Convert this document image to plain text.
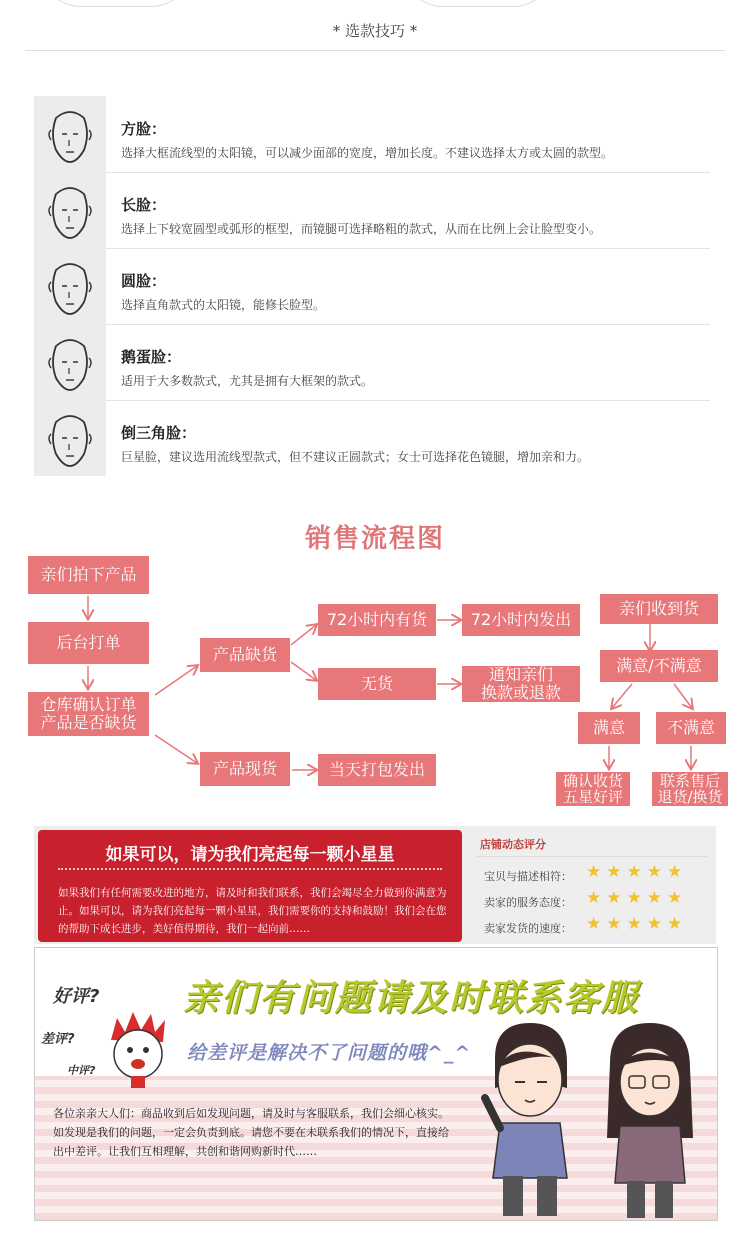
* 选款技巧 *
方脸：
选择大框流线型的太阳镜，可以减少面部的宽度，增加长度。不建议选择太方或太圆的款型。
长脸：
选择上下较宽圆型或弧形的框型，而镜腿可选择略粗的款式，从而在比例上会让脸型变小。
圆脸：
选择直角款式的太阳镜，能修长脸型。
鹅蛋脸：
适用于大多数款式，尤其是拥有大框架的款式。
倒三角脸：
巨星脸，建议选用流线型款式，但不建议正圆款式；女士可选择花色镜腿，增加亲和力。
销售流程图
亲们拍下产品
后台打单
仓库确认订单
产品是否缺货
产品缺货
产品现货
72小时内有货	72小时内发出
无货	通知亲们
换款或退款
当天打包发出
亲们收到货
满意/不满意
满意	不满意
确认收货
五星好评
联系售后
退货/换货
如果可以，请为我们亮起每一颗小星星
如果我们有任何需要改进的地方，请及时和我们联系，我们会竭尽全力做到你满意为止。如果可以，请为我们亮起每一颗小星星，我们需要你的支持和鼓励！我们会在您的帮助下成长进步，美好值得期待，我们一起向前……
店铺动态评分
宝贝与描述相符： ★★★★★
卖家的服务态度： ★★★★★
卖家发货的速度： ★★★★★
亲们有问题请及时联系客服
给差评是解决不了问题的哦^_^
好评?
差评?
中评?
各位亲亲大人们：商品收到后如发现问题，请及时与客服联系，我们会细心核实。如发现是我们的问题，一定会负责到底。请您不要在未联系我们的情况下，直接给出中差评。让我们互相理解，共创和谐网购新时代……
